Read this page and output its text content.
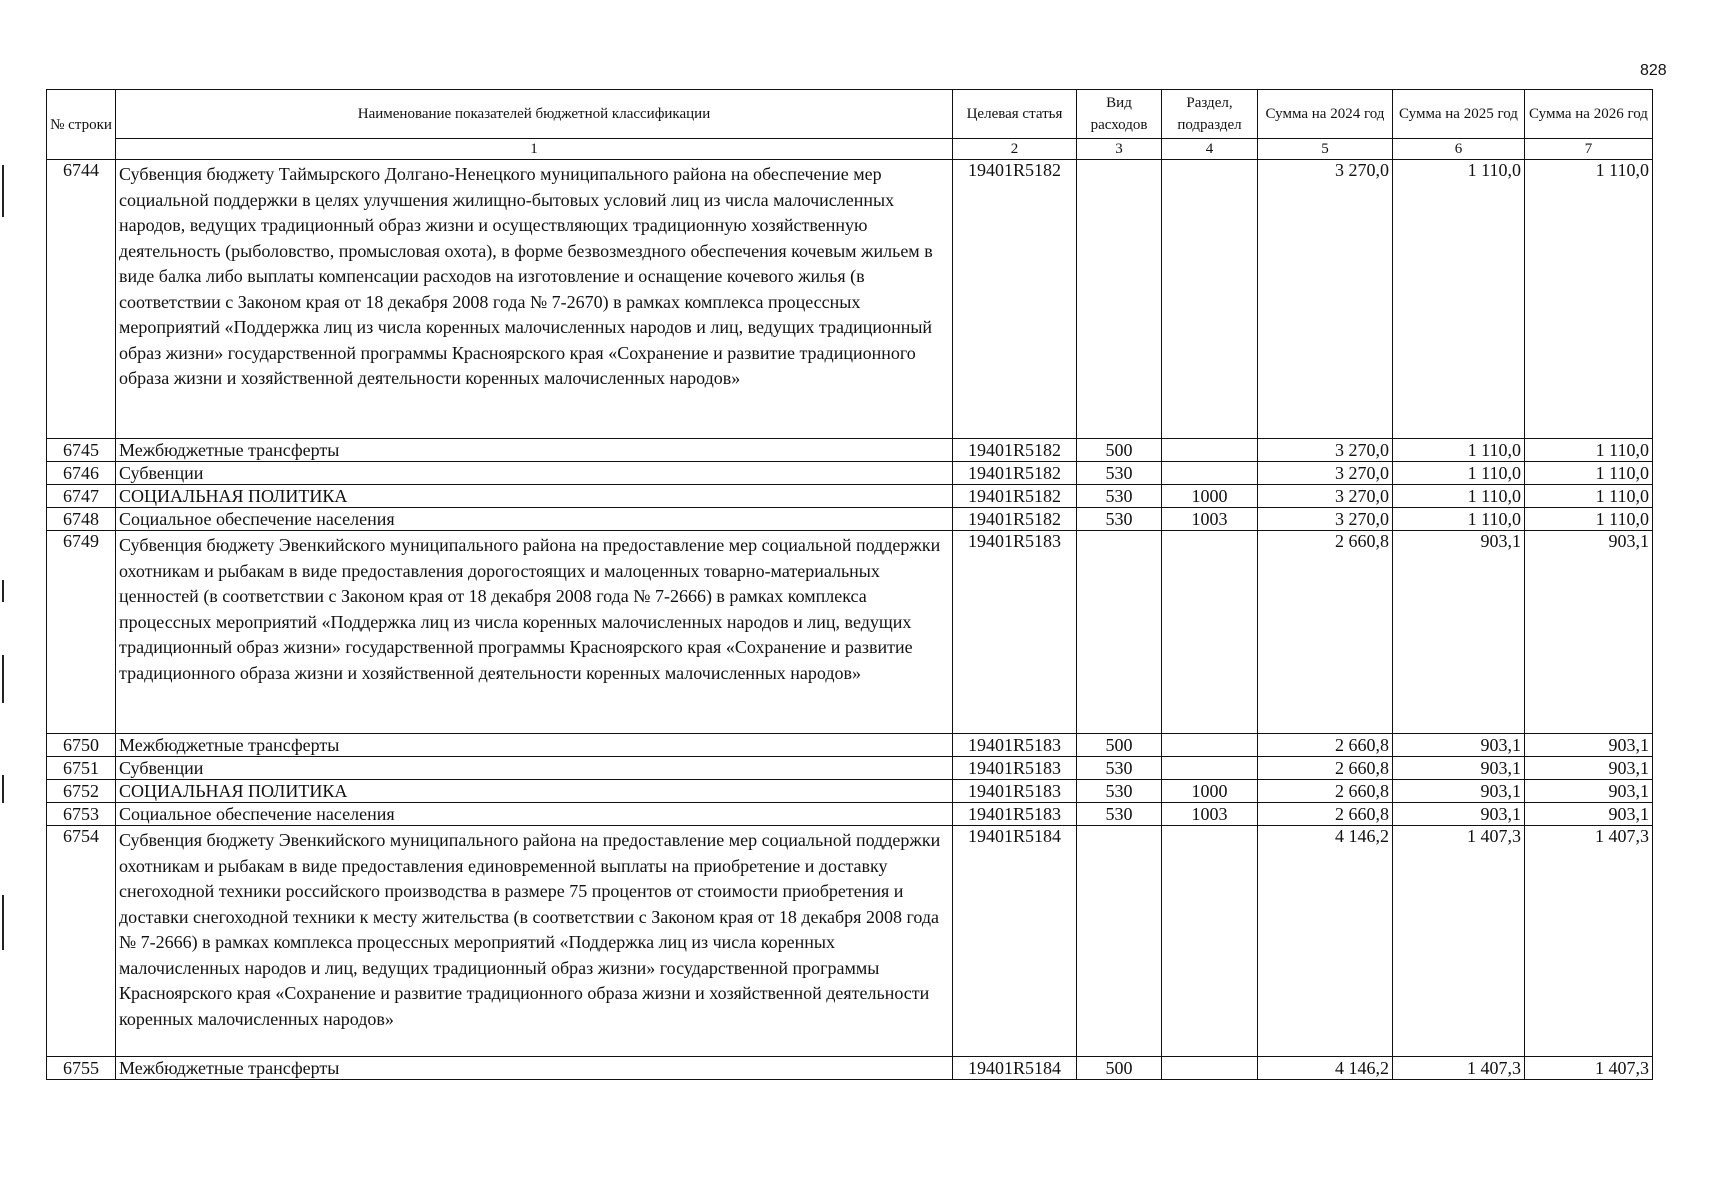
828
№ строки	Наименование показателей бюджетной классификации	Целевая статья	Вид расходов	Раздел, подраздел	Сумма на 2024 год	Сумма на 2025 год	Сумма на 2026 год
	1	2	3	4	5	6	7
6744	Субвенция бюджету Таймырского Долгано-Ненецкого муниципального района на обеспечение мер социальной поддержки в целях улучшения жилищно-бытовых условий лиц из числа малочисленных народов, ведущих традиционный образ жизни и осуществляющих традиционную хозяйственную деятельность (рыболовство, промысловая охота), в форме безвозмездного обеспечения кочевым жильем в виде балка либо выплаты компенсации расходов на изготовление и оснащение кочевого жилья (в соответствии с Законом края от 18 декабря 2008 года № 7-2670) в рамках комплекса процессных мероприятий «Поддержка лиц из числа коренных малочисленных народов и лиц, ведущих традиционный образ жизни» государственной программы Красноярского края «Сохранение и развитие традиционного образа жизни и хозяйственной деятельности коренных малочисленных народов»	19401R5182			3 270,0	1 110,0	1 110,0
6745	Межбюджетные трансферты	19401R5182	500		3 270,0	1 110,0	1 110,0
6746	Субвенции	19401R5182	530		3 270,0	1 110,0	1 110,0
6747	СОЦИАЛЬНАЯ ПОЛИТИКА	19401R5182	530	1000	3 270,0	1 110,0	1 110,0
6748	Социальное обеспечение населения	19401R5182	530	1003	3 270,0	1 110,0	1 110,0
6749	Субвенция бюджету Эвенкийского муниципального района на предоставление мер социальной поддержки охотникам и рыбакам в виде предоставления дорогостоящих и малоценных товарно-материальных ценностей (в соответствии с Законом края от 18 декабря 2008 года № 7-2666) в рамках комплекса процессных мероприятий «Поддержка лиц из числа коренных малочисленных народов и лиц, ведущих традиционный образ жизни» государственной программы Красноярского края «Сохранение и развитие традиционного образа жизни и хозяйственной деятельности коренных малочисленных народов»	19401R5183			2 660,8	903,1	903,1
6750	Межбюджетные трансферты	19401R5183	500		2 660,8	903,1	903,1
6751	Субвенции	19401R5183	530		2 660,8	903,1	903,1
6752	СОЦИАЛЬНАЯ ПОЛИТИКА	19401R5183	530	1000	2 660,8	903,1	903,1
6753	Социальное обеспечение населения	19401R5183	530	1003	2 660,8	903,1	903,1
6754	Субвенция бюджету Эвенкийского муниципального района на предоставление мер социальной поддержки охотникам и рыбакам в виде предоставления единовременной выплаты на приобретение и доставку снегоходной техники российского производства в размере 75 процентов от стоимости приобретения и доставки снегоходной техники к месту жительства (в соответствии с Законом края от 18 декабря 2008 года № 7-2666) в рамках комплекса процессных мероприятий «Поддержка лиц из числа коренных малочисленных народов и лиц, ведущих традиционный образ жизни» государственной программы Красноярского края «Сохранение и развитие традиционного образа жизни и хозяйственной деятельности коренных малочисленных народов»	19401R5184			4 146,2	1 407,3	1 407,3
6755	Межбюджетные трансферты	19401R5184	500		4 146,2	1 407,3	1 407,3
